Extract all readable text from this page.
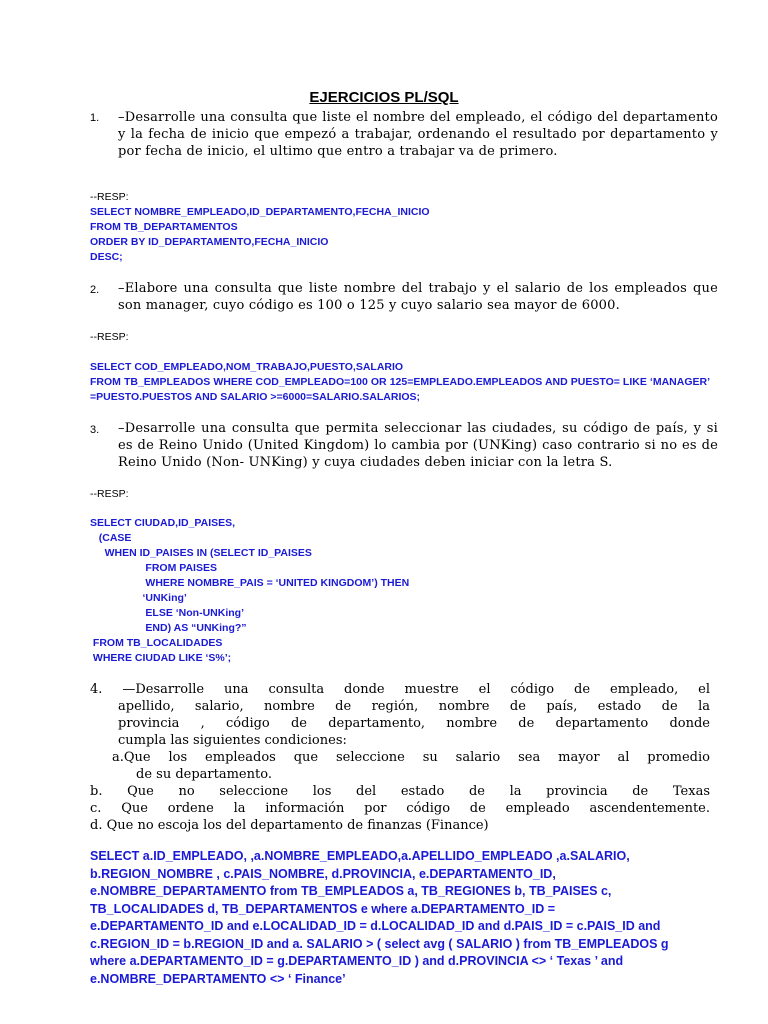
EJERCICIOS PL/SQL
1. –Desarrolle una consulta que liste el nombre del empleado, el código del departamento y la fecha de inicio que empezó a trabajar, ordenando el resultado por departamento y por fecha de inicio, el ultimo que entro a trabajar va de primero.
--RESP:
SELECT NOMBRE_EMPLEADO,ID_DEPARTAMENTO,FECHA_INICIO
FROM TB_DEPARTAMENTOS
ORDER BY ID_DEPARTAMENTO,FECHA_INICIO
DESC;
2. –Elabore una consulta que liste nombre del trabajo y el salario de los empleados que son manager, cuyo código es 100 o 125 y cuyo salario sea mayor de 6000.
--RESP:
SELECT COD_EMPLEADO,NOM_TRABAJO,PUESTO,SALARIO
FROM TB_EMPLEADOS WHERE COD_EMPLEADO=100 OR 125=EMPLEADO.EMPLEADOS AND PUESTO= LIKE ‘MANAGER’ =PUESTO.PUESTOS AND SALARIO >=6000=SALARIO.SALARIOS;
3. –Desarrolle una consulta que permita seleccionar las ciudades, su código de país, y si es de Reino Unido (United Kingdom) lo cambia por (UNKing) caso contrario si no es de Reino Unido (Non- UNKing) y cuya ciudades deben iniciar con la letra S.
--RESP:
SELECT CIUDAD,ID_PAISES,
(CASE
WHEN ID_PAISES IN (SELECT ID_PAISES
FROM PAISES
WHERE NOMBRE_PAIS = ‘UNITED KINGDOM’) THEN
‘UNKing’
ELSE ‘Non-UNKing’
END) AS “UNKing?”
FROM TB_LOCALIDADES
WHERE CIUDAD LIKE ‘S%’;
4. —Desarrolle una consulta donde muestre el código de empleado, el
apellido, salario, nombre de región, nombre de país, estado de la
provincia , código de departamento, nombre de departamento donde
cumpla las siguientes condiciones:
a.Que los empleados que seleccione su salario sea mayor al promedio
de su departamento.
b. Que no seleccione los del estado de la provincia de Texas
c. Que ordene la información por código de empleado ascendentemente.
d. Que no escoja los del departamento de finanzas (Finance)
SELECT a.ID_EMPLEADO, ,a.NOMBRE_EMPLEADO,a.APELLIDO_EMPLEADO ,a.SALARIO, b.REGION_NOMBRE , c.PAIS_NOMBRE, d.PROVINCIA, e.DEPARTAMENTO_ID, e.NOMBRE_DEPARTAMENTO from TB_EMPLEADOS a, TB_REGIONES b, TB_PAISES c, TB_LOCALIDADES d, TB_DEPARTAMENTOS e where a.DEPARTAMENTO_ID = e.DEPARTAMENTO_ID and e.LOCALIDAD_ID = d.LOCALIDAD_ID and d.PAIS_ID = c.PAIS_ID and c.REGION_ID = b.REGION_ID and a. SALARIO > ( select avg ( SALARIO ) from TB_EMPLEADOS g where a.DEPARTAMENTO_ID = g.DEPARTAMENTO_ID ) and d.PROVINCIA <> ‘ Texas ’ and e.NOMBRE_DEPARTAMENTO <> ‘ Finance’
